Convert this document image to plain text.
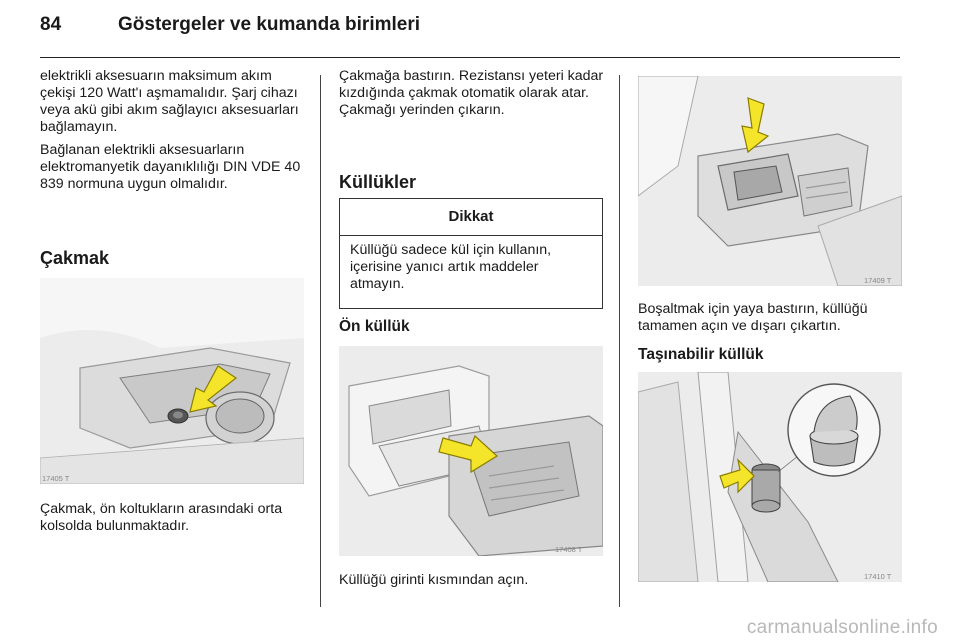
84	Göstergeler ve kumanda birimleri

elektrikli aksesuarın maksimum akım çekişi 120 Watt'ı aşmamalıdır. Şarj cihazı veya akü gibi akım sağlayıcı aksesuarları bağlamayın.

Bağlanan elektrikli aksesuarların elektromanyetik dayanıklılığı DIN VDE 40 839 normuna uygun olmalıdır.

Çakmak
17405 T

Çakmak, ön koltukların arasındaki orta kolsolda bulunmaktadır.

Çakmağa bastırın. Rezistansı yeteri kadar kızdığında çakmak otomatik olarak atar. Çakmağı yerinden çıkarın.

Küllükler
Dikkat
Küllüğü sadece kül için kullanın, içerisine yanıcı artık maddeler atmayın.
Ön küllük
17408 T

Küllüğü girinti kısmından açın.

17409 T

Boşaltmak için yaya bastırın, küllüğü tamamen açın ve dışarı çıkartın.

Taşınabilir küllük
17410 T
carmanualsonline.info
